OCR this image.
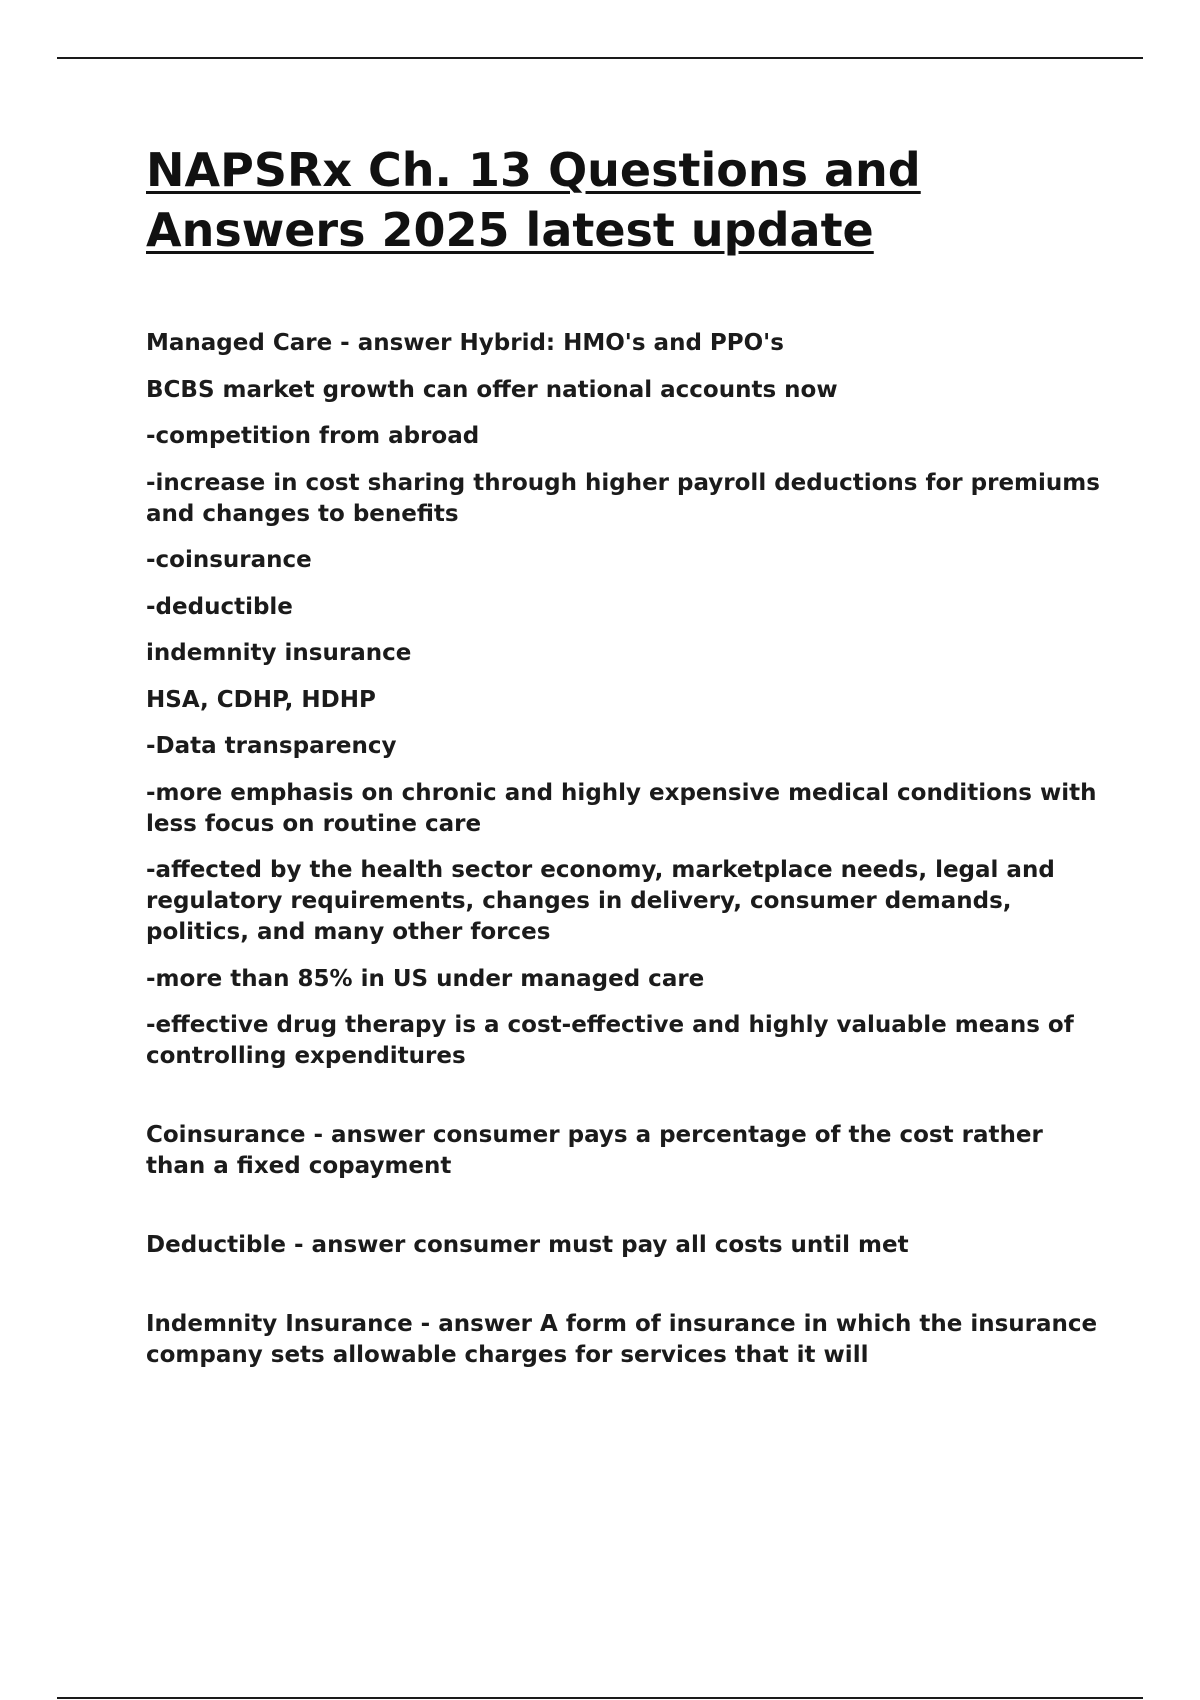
NAPSRx Ch. 13 Questions and Answers 2025 latest update

Managed Care - answer Hybrid: HMO's and PPO's

BCBS market growth can offer national accounts now

-competition from abroad

-increase in cost sharing through higher payroll deductions for premiums and changes to benefits

-coinsurance

-deductible

indemnity insurance

HSA, CDHP, HDHP

-Data transparency

-more emphasis on chronic and highly expensive medical conditions with less focus on routine care

-affected by the health sector economy, marketplace needs, legal and regulatory requirements, changes in delivery, consumer demands, politics, and many other forces

-more than 85% in US under managed care

-effective drug therapy is a cost-effective and highly valuable means of controlling expenditures

Coinsurance - answer consumer pays a percentage of the cost rather than a fixed copayment

Deductible - answer consumer must pay all costs until met

Indemnity Insurance - answer A form of insurance in which the insurance company sets allowable charges for services that it will
